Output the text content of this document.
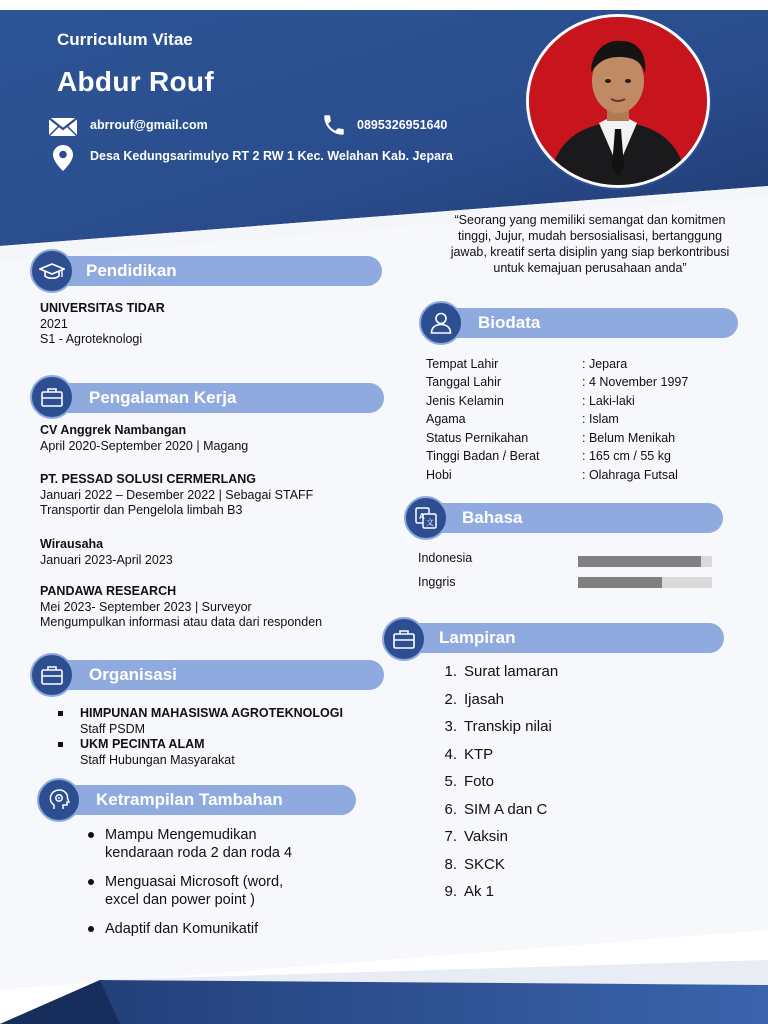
Curriculum Vitae
Abdur Rouf
abrrouf@gmail.com	0895326951640
Desa Kedungsarimulyo RT 2 RW 1 Kec. Welahan Kab. Jepara
“Seorang yang memiliki semangat dan komitmen tinggi, Jujur, mudah bersosialisasi, bertanggung jawab, kreatif serta disiplin yang siap berkontribusi untuk kemajuan perusahaan anda”
Pendidikan
UNIVERSITAS TIDAR
2021
S1 - Agroteknologi
Pengalaman Kerja
CV Anggrek Nambangan
April 2020-September 2020 | Magang
PT. PESSAD SOLUSI CERMERLANG
Januari 2022 – Desember 2022 | Sebagai STAFF
Transportir dan Pengelola limbah B3
Wirausaha
Januari 2023-April 2023
PANDAWA RESEARCH
Mei 2023- September 2023 | Surveyor
Mengumpulkan informasi atau data dari responden
Organisasi
HIMPUNAN MAHASISWA AGROTEKNOLOGI
Staff PSDM
UKM PECINTA ALAM
Staff Hubungan Masyarakat
Ketrampilan Tambahan
Mampu Mengemudikan
kendaraan roda 2 dan roda 4
Menguasai Microsoft (word,
excel dan power point )
Adaptif dan Komunikatif
Biodata
Tempat Lahir	: Jepara
Tanggal Lahir	: 4 November 1997
Jenis Kelamin	: Laki-laki
Agama	: Islam
Status Pernikahan	: Belum Menikah
Tinggi Badan / Berat	: 165 cm / 55 kg
Hobi	: Olahraga Futsal
Bahasa
A
文
Indonesia
Inggris
Lampiran
1. Surat lamaran
2. Ijasah
3. Transkip nilai
4. KTP
5. Foto
6. SIM A dan C
7. Vaksin
8. SKCK
9. Ak 1
